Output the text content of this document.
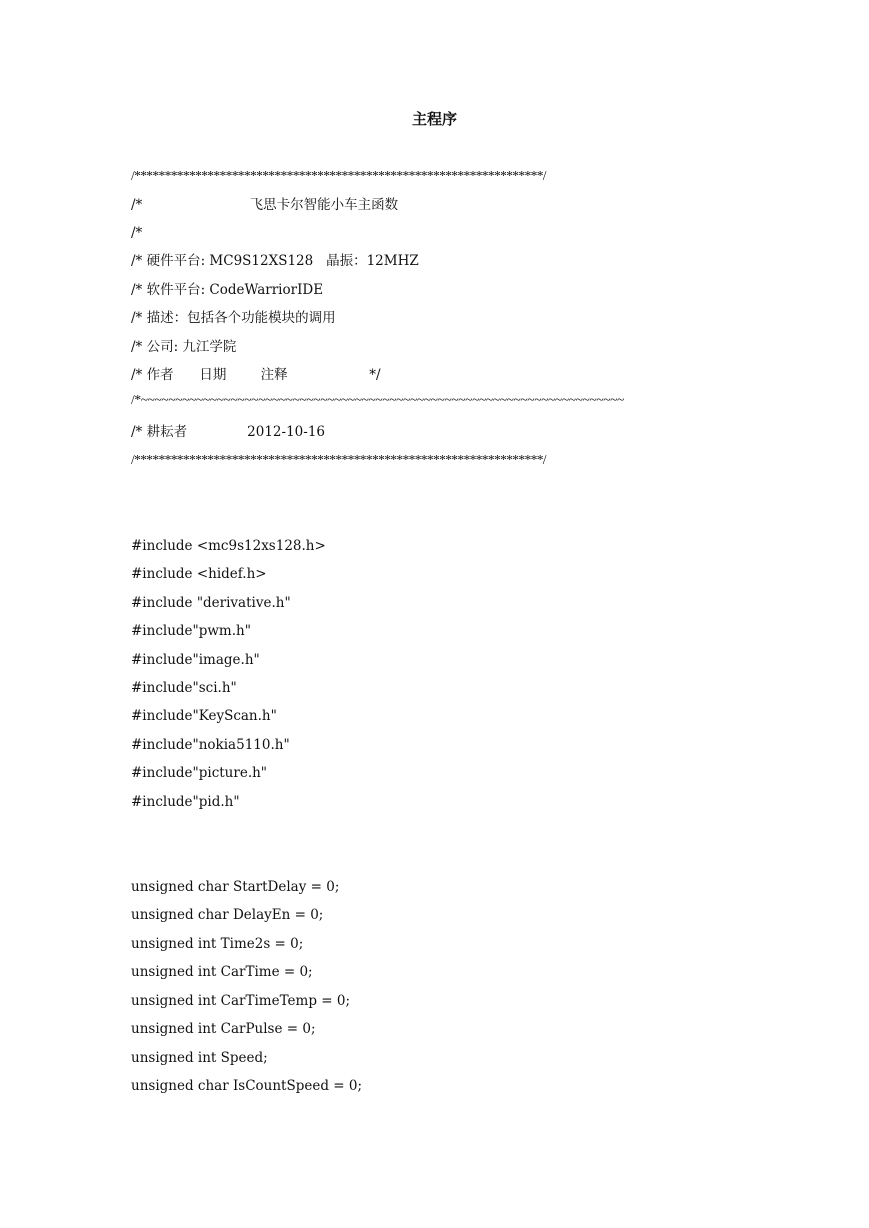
主程序
/*******************************************************************/
/*                         飞思卡尔智能小车主函数
/*
/* 硬件平台: MC9S12XS128   晶振：12MHZ
/* 软件平台: CodeWarriorIDE
/* 描述：包括各个功能模块的调用
/* 公司: 九江学院
/* 作者      日期        注释                   */
/*~~~~~~~~~~~~~~~~~~~~~~~~~~~~~~~~~~~~~~~~~~~~~~~~~~~~~~~~~~~~~~~~~~~~~~
/* 耕耘者              2012-10-16
/*******************************************************************/
#include <mc9s12xs128.h>
#include <hidef.h>
#include "derivative.h"
#include"pwm.h"
#include"image.h"
#include"sci.h"
#include"KeyScan.h"
#include"nokia5110.h"
#include"picture.h"
#include"pid.h"
unsigned char StartDelay = 0;
unsigned char DelayEn = 0;
unsigned int Time2s = 0;
unsigned int CarTime = 0;
unsigned int CarTimeTemp = 0;
unsigned int CarPulse = 0;
unsigned int Speed;
unsigned char IsCountSpeed = 0;
